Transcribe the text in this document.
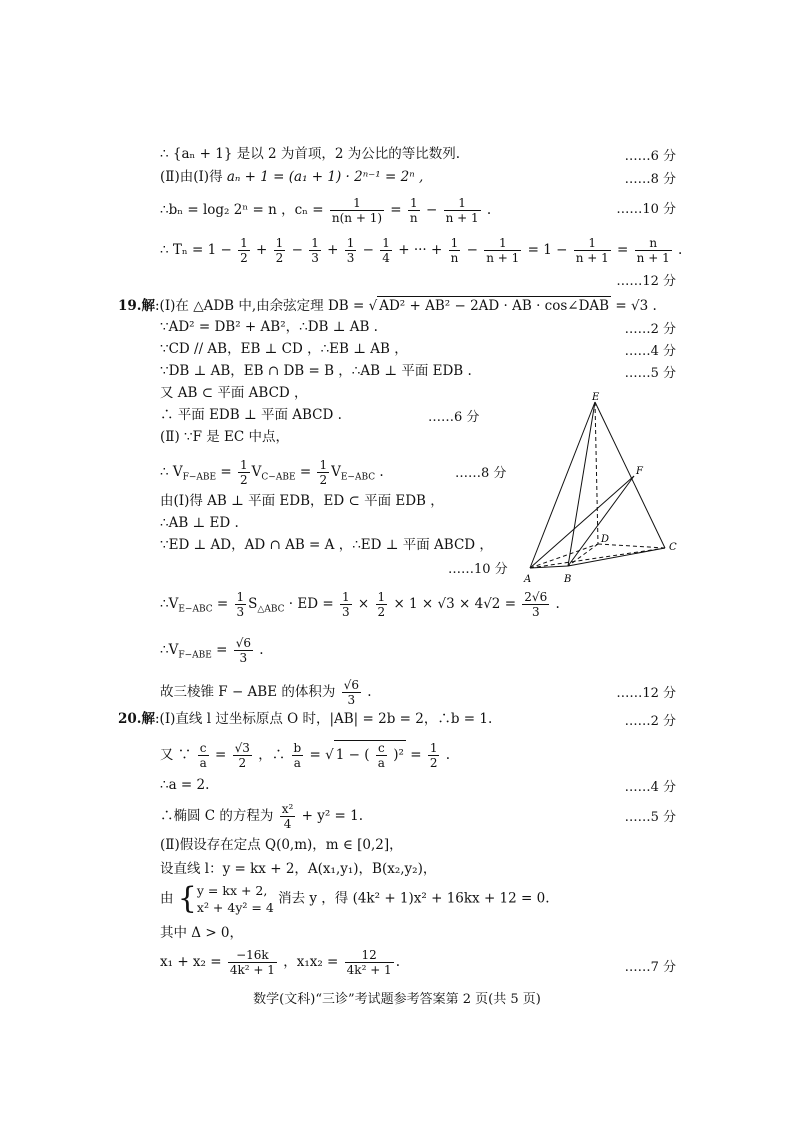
∴ {aₙ + 1} 是以 2 为首项，2 为公比的等比数列.	……6 分
(Ⅱ)由(Ⅰ)得 aₙ + 1 = (a₁ + 1) · 2ⁿ⁻¹ = 2ⁿ ,	……8 分
∴bₙ = log₂ 2ⁿ = n ，$c_n = \frac{1}{n(n + 1)} = \frac{1}{n} - \frac{1}{n + 1}$ .	……10 分
∴ $T_n = 1 - \frac{1}{2} + \frac{1}{2} - \frac{1}{3} + \frac{1}{3} - \frac{1}{4}$ + ··· + $\frac{1}{n} - \frac{1}{n + 1} = 1 - \frac{1}{n + 1} = \frac{n}{n + 1}$ .
……12 分
19.解:(Ⅰ)在 △ADB 中,由余弦定理 DB = √ AD² + AB² − 2AD · AB · cos∠DAB = √3 .
∵AD² = DB² + AB²，∴DB ⊥ AB .	……2 分
∵CD // AB，EB ⊥ CD ，∴EB ⊥ AB ，	……4 分
∵DB ⊥ AB，EB ∩ DB = B ，∴AB ⊥ 平面 EDB .	……5 分
又 AB ⊂ 平面 ABCD ，
∴ 平面 EDB ⊥ 平面 ABCD .	……6 分
(Ⅱ) ∵F 是 EC 中点，
∴ $V_{F-ABE} = \frac{1}{2} V_{C-ABE} = \frac{1}{2} V_{E-ABC}$ .	……8 分
由(Ⅰ)得 AB ⊥ 平面 EDB，ED ⊂ 平面 EDB ，
∴AB ⊥ ED .
∵ED ⊥ AD，AD ∩ AB = A ，∴ED ⊥ 平面 ABCD ，
……10 分
$\therefore V_{E-ABC} = \frac{1}{3} S_{\triangle ABC}$ · ED = $\frac{1}{3} \times \frac{1}{2} \times 1 \times √3 \times 4√2 = \frac{2√6}{3}$ .
$\therefore V_{F-ABE} = \frac{√6}{3}$ .
故三棱锥 F − ABE 的体积为 $\frac{√6}{3}$ .	……12 分
E
F
D
A	B
C
20.解:(Ⅰ)直线 l 过坐标原点 O 时，|AB| = 2b = 2，∴b = 1.	……2 分
又 ∵ $\frac{c}{a} = \frac{√3}{2}$ ，∴ $\frac{b}{a}$ = √ 1 − ( $\frac{c}{a} )^2 = \frac{1}{2}$ .
∴a = 2.	……4 分
∴椭圆 C 的方程为 $\frac{\text{x²}}{4} + y^2 = 1$.	……5 分
(Ⅱ)假设存在定点 Q(0,m)，m ∈ [0,2]，
设直线 l：y = kx + 2，A(x₁,y₁)，B(x₂,y₂)，
由 { y = kx + 2,
x² + 4y² = 4
消去 y ，得 (4k² + 1)x² + 16kx + 12 = 0.
其中 Δ > 0，
$x_1 + x_2 = \frac{-16k}{\text{4k² + 1}}$ ，$x_1x_2 = \frac{12}{\text{4k² + 1}}$ .	……7 分
数学(文科)“三诊”考试题参考答案第 2 页(共 5 页)
